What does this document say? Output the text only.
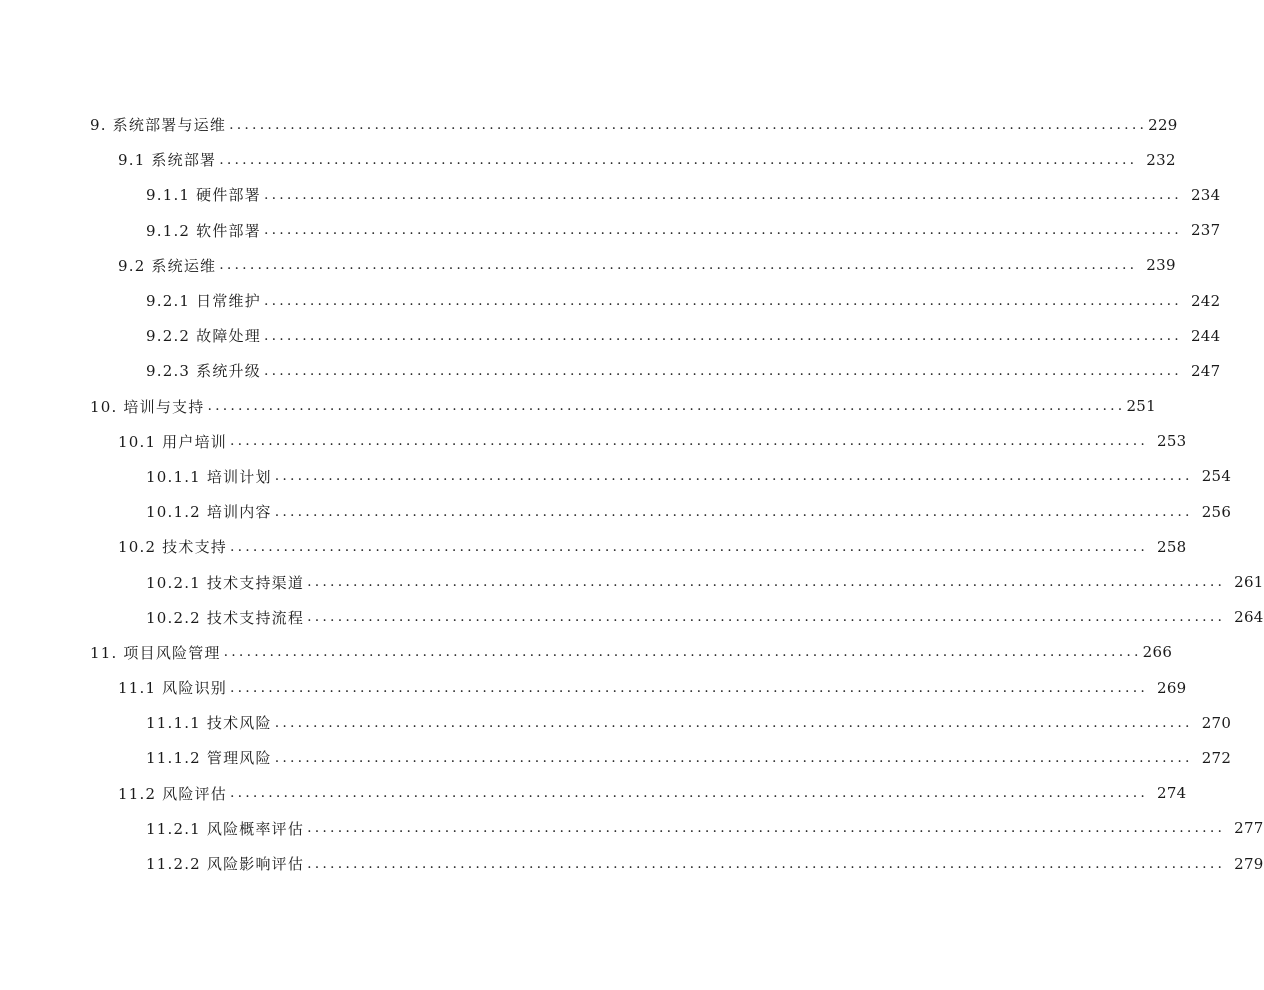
9. 系统部署与运维 ........................................................................................................................ 229
9.1 系统部署 ........................................................................................................................ 232
9.1.1 硬件部署 ........................................................................................................................ 234
9.1.2 软件部署 ........................................................................................................................ 237
9.2 系统运维 ........................................................................................................................ 239
9.2.1 日常维护 ........................................................................................................................ 242
9.2.2 故障处理 ........................................................................................................................ 244
9.2.3 系统升级 ........................................................................................................................ 247
10. 培训与支持 ........................................................................................................................ 251
10.1 用户培训 ........................................................................................................................ 253
10.1.1 培训计划 ........................................................................................................................ 254
10.1.2 培训内容 ........................................................................................................................ 256
10.2 技术支持 ........................................................................................................................ 258
10.2.1 技术支持渠道 ........................................................................................................................ 261
10.2.2 技术支持流程 ........................................................................................................................ 264
11. 项目风险管理 ........................................................................................................................ 266
11.1 风险识别 ........................................................................................................................ 269
11.1.1 技术风险 ........................................................................................................................ 270
11.1.2 管理风险 ........................................................................................................................ 272
11.2 风险评估 ........................................................................................................................ 274
11.2.1 风险概率评估 ........................................................................................................................ 277
11.2.2 风险影响评估 ........................................................................................................................ 279
